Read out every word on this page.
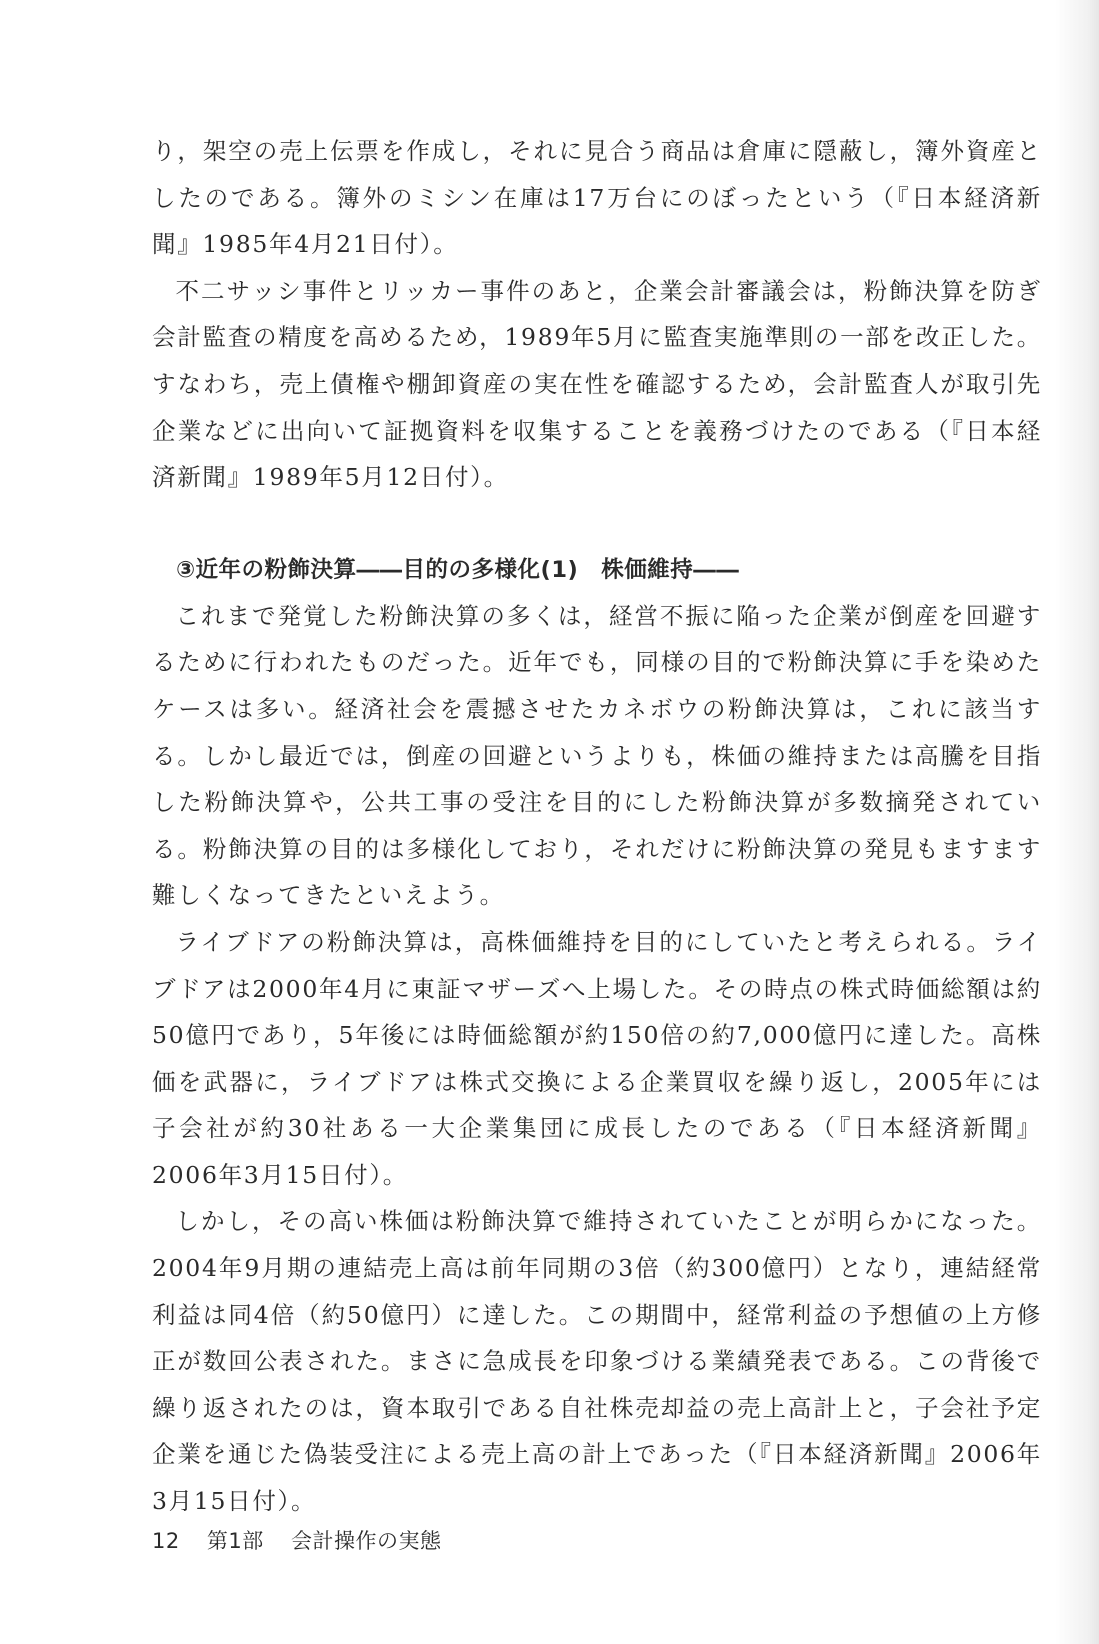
り，架空の売上伝票を作成し，それに見合う商品は倉庫に隠蔽し，簿外資産としたのである。簿外のミシン在庫は17万台にのぼったという（『日本経済新聞』1985年4月21日付）。

不二サッシ事件とリッカー事件のあと，企業会計審議会は，粉飾決算を防ぎ会計監査の精度を高めるため，1989年5月に監査実施準則の一部を改正した。すなわち，売上債権や棚卸資産の実在性を確認するため，会計監査人が取引先企業などに出向いて証拠資料を収集することを義務づけたのである（『日本経済新聞』1989年5月12日付）。

③近年の粉飾決算――目的の多様化(1)　株価維持――

これまで発覚した粉飾決算の多くは，経営不振に陥った企業が倒産を回避するために行われたものだった。近年でも，同様の目的で粉飾決算に手を染めたケースは多い。経済社会を震撼させたカネボウの粉飾決算は，これに該当する。しかし最近では，倒産の回避というよりも，株価の維持または高騰を目指した粉飾決算や，公共工事の受注を目的にした粉飾決算が多数摘発されている。粉飾決算の目的は多様化しており，それだけに粉飾決算の発見もますます難しくなってきたといえよう。

ライブドアの粉飾決算は，高株価維持を目的にしていたと考えられる。ライブドアは2000年4月に東証マザーズへ上場した。その時点の株式時価総額は約50億円であり，5年後には時価総額が約150倍の約7,000億円に達した。高株価を武器に，ライブドアは株式交換による企業買収を繰り返し，2005年には子会社が約30社ある一大企業集団に成長したのである（『日本経済新聞』2006年3月15日付）。

しかし，その高い株価は粉飾決算で維持されていたことが明らかになった。2004年9月期の連結売上高は前年同期の3倍（約300億円）となり，連結経常利益は同4倍（約50億円）に達した。この期間中，経常利益の予想値の上方修正が数回公表された。まさに急成長を印象づける業績発表である。この背後で繰り返されたのは，資本取引である自社株売却益の売上高計上と，子会社予定企業を通じた偽装受注による売上高の計上であった（『日本経済新聞』2006年3月15日付）。

12 第1部 会計操作の実態
